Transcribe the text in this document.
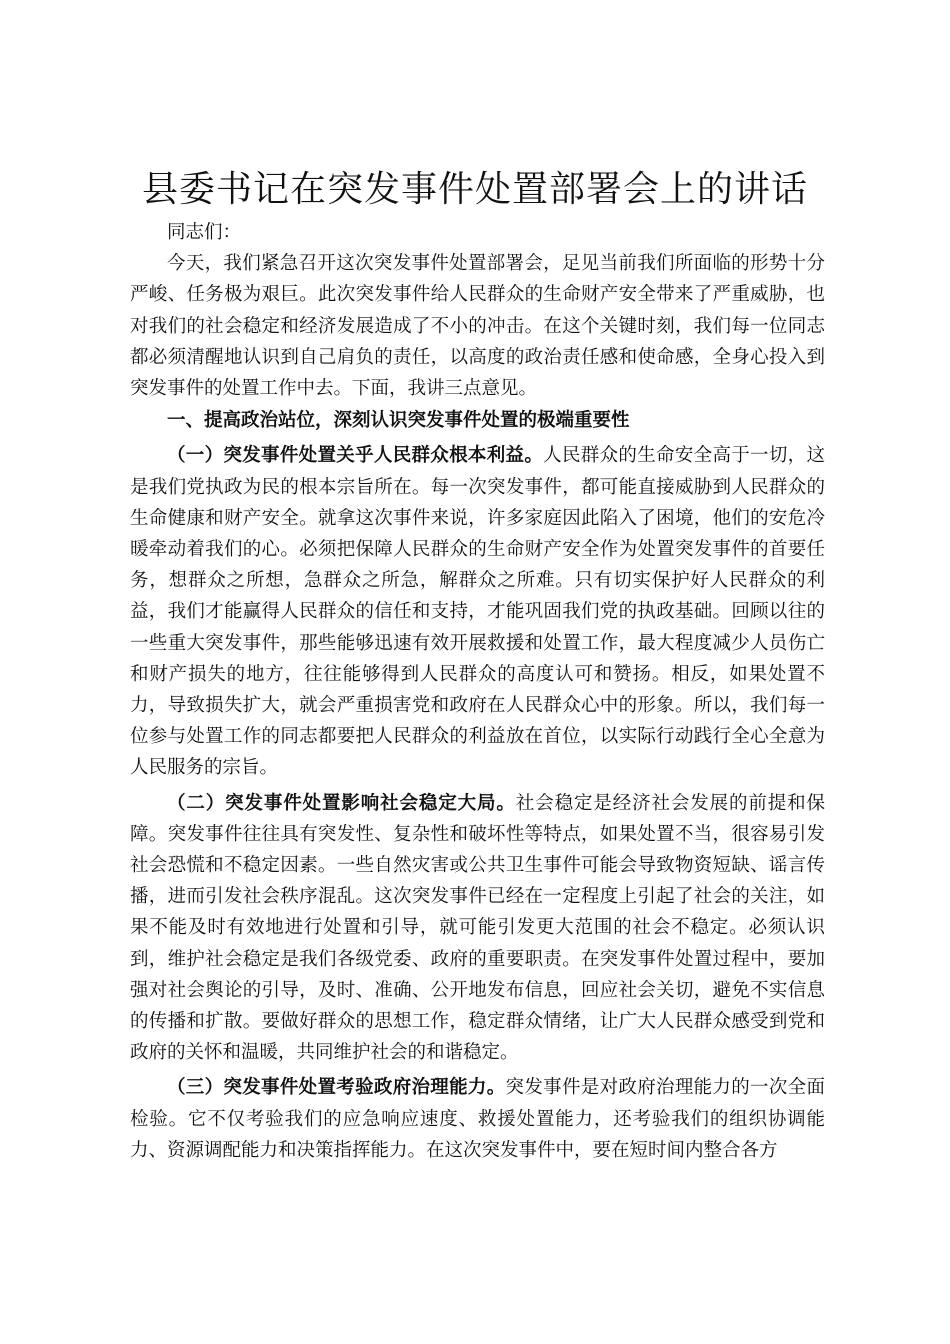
县委书记在突发事件处置部署会上的讲话

同志们：

今天，我们紧急召开这次突发事件处置部署会，足见当前我们所面临的形势十分严峻、任务极为艰巨。此次突发事件给人民群众的生命财产安全带来了严重威胁，也对我们的社会稳定和经济发展造成了不小的冲击。在这个关键时刻，我们每一位同志都必须清醒地认识到自己肩负的责任，以高度的政治责任感和使命感，全身心投入到突发事件的处置工作中去。下面，我讲三点意见。

一、提高政治站位，深刻认识突发事件处置的极端重要性

（一）突发事件处置关乎人民群众根本利益。人民群众的生命安全高于一切，这是我们党执政为民的根本宗旨所在。每一次突发事件，都可能直接威胁到人民群众的生命健康和财产安全。就拿这次事件来说，许多家庭因此陷入了困境，他们的安危冷暖牵动着我们的心。必须把保障人民群众的生命财产安全作为处置突发事件的首要任务，想群众之所想，急群众之所急，解群众之所难。只有切实保护好人民群众的利益，我们才能赢得人民群众的信任和支持，才能巩固我们党的执政基础。回顾以往的一些重大突发事件，那些能够迅速有效开展救援和处置工作，最大程度减少人员伤亡和财产损失的地方，往往能够得到人民群众的高度认可和赞扬。相反，如果处置不力，导致损失扩大，就会严重损害党和政府在人民群众心中的形象。所以，我们每一位参与处置工作的同志都要把人民群众的利益放在首位，以实际行动践行全心全意为人民服务的宗旨。

（二）突发事件处置影响社会稳定大局。社会稳定是经济社会发展的前提和保障。突发事件往往具有突发性、复杂性和破坏性等特点，如果处置不当，很容易引发社会恐慌和不稳定因素。一些自然灾害或公共卫生事件可能会导致物资短缺、谣言传播，进而引发社会秩序混乱。这次突发事件已经在一定程度上引起了社会的关注，如果不能及时有效地进行处置和引导，就可能引发更大范围的社会不稳定。必须认识到，维护社会稳定是我们各级党委、政府的重要职责。在突发事件处置过程中，要加强对社会舆论的引导，及时、准确、公开地发布信息，回应社会关切，避免不实信息的传播和扩散。要做好群众的思想工作，稳定群众情绪，让广大人民群众感受到党和政府的关怀和温暖，共同维护社会的和谐稳定。

（三）突发事件处置考验政府治理能力。突发事件是对政府治理能力的一次全面检验。它不仅考验我们的应急响应速度、救援处置能力，还考验我们的组织协调能力、资源调配能力和决策指挥能力。在这次突发事件中，要在短时间内整合各方
